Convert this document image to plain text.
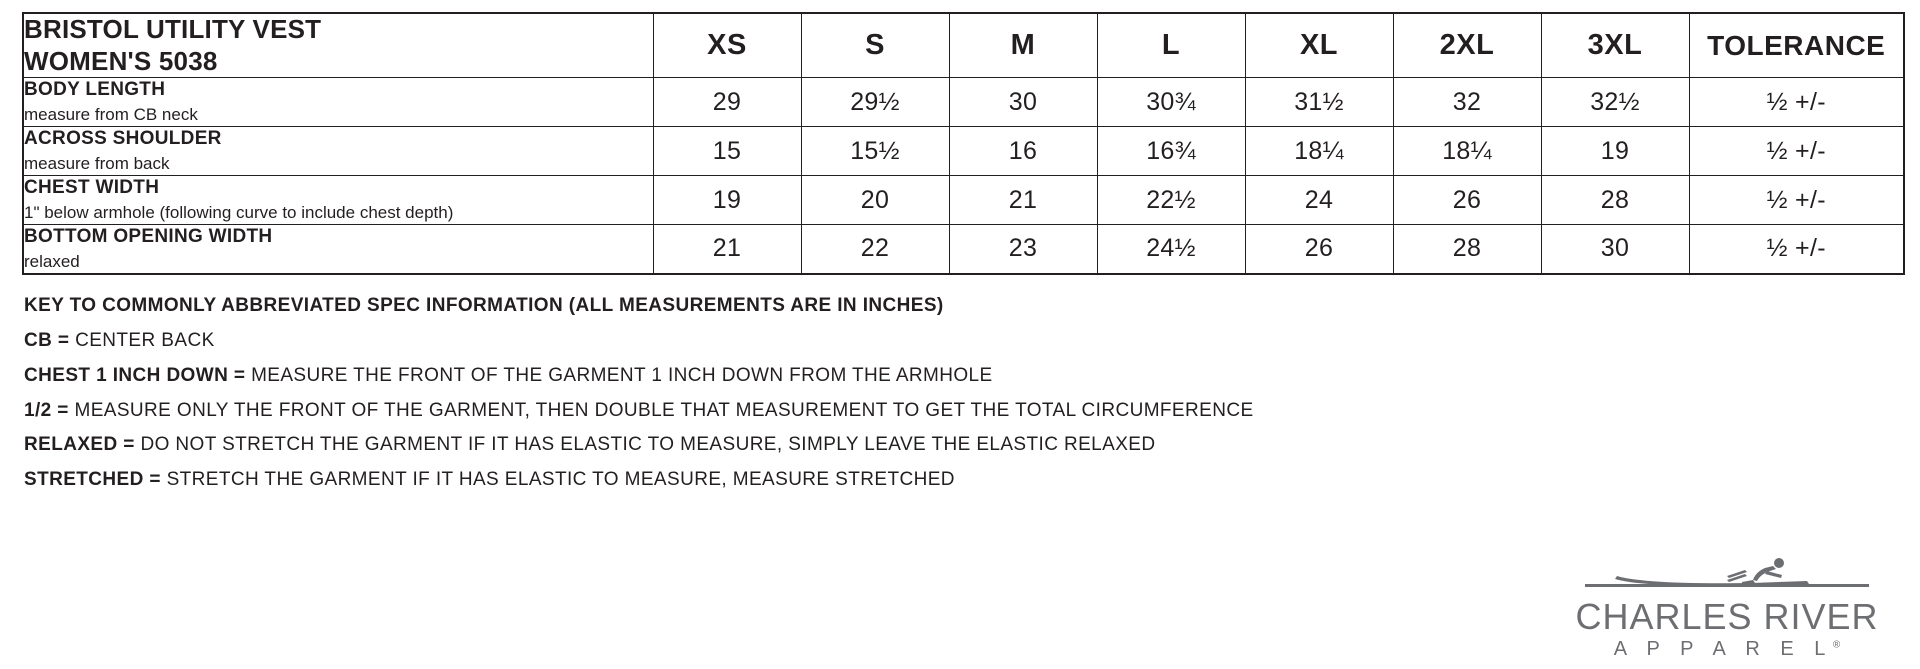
BRISTOL UTILITY VEST
WOMEN'S 5038	XS	S	M	L	XL	2XL	3XL	TOLERANCE

BODY LENGTH
measure from CB neck	29	29½	30	30¾	31½	32	32½	½ +/-

ACROSS SHOULDER
measure from back	15	15½	16	16¾	18¼	18¼	19	½ +/-

CHEST WIDTH
1" below armhole (following curve to include chest depth)	19	20	21	22½	24	26	28	½ +/-

BOTTOM OPENING WIDTH
relaxed	21	22	23	24½	26	28	30	½ +/-
KEY TO COMMONLY ABBREVIATED SPEC INFORMATION (ALL MEASUREMENTS ARE IN INCHES)
CB = CENTER BACK
CHEST 1 INCH DOWN = MEASURE THE FRONT OF THE GARMENT 1 INCH DOWN FROM THE ARMHOLE
1/2 = MEASURE ONLY THE FRONT OF THE GARMENT, THEN DOUBLE THAT MEASUREMENT TO GET THE TOTAL CIRCUMFERENCE
RELAXED = DO NOT STRETCH THE GARMENT IF IT HAS ELASTIC TO MEASURE, SIMPLY LEAVE THE ELASTIC RELAXED
STRETCHED = STRETCH THE GARMENT IF IT HAS ELASTIC TO MEASURE, MEASURE STRETCHED
CHARLES RIVER
A P P A R E L®
